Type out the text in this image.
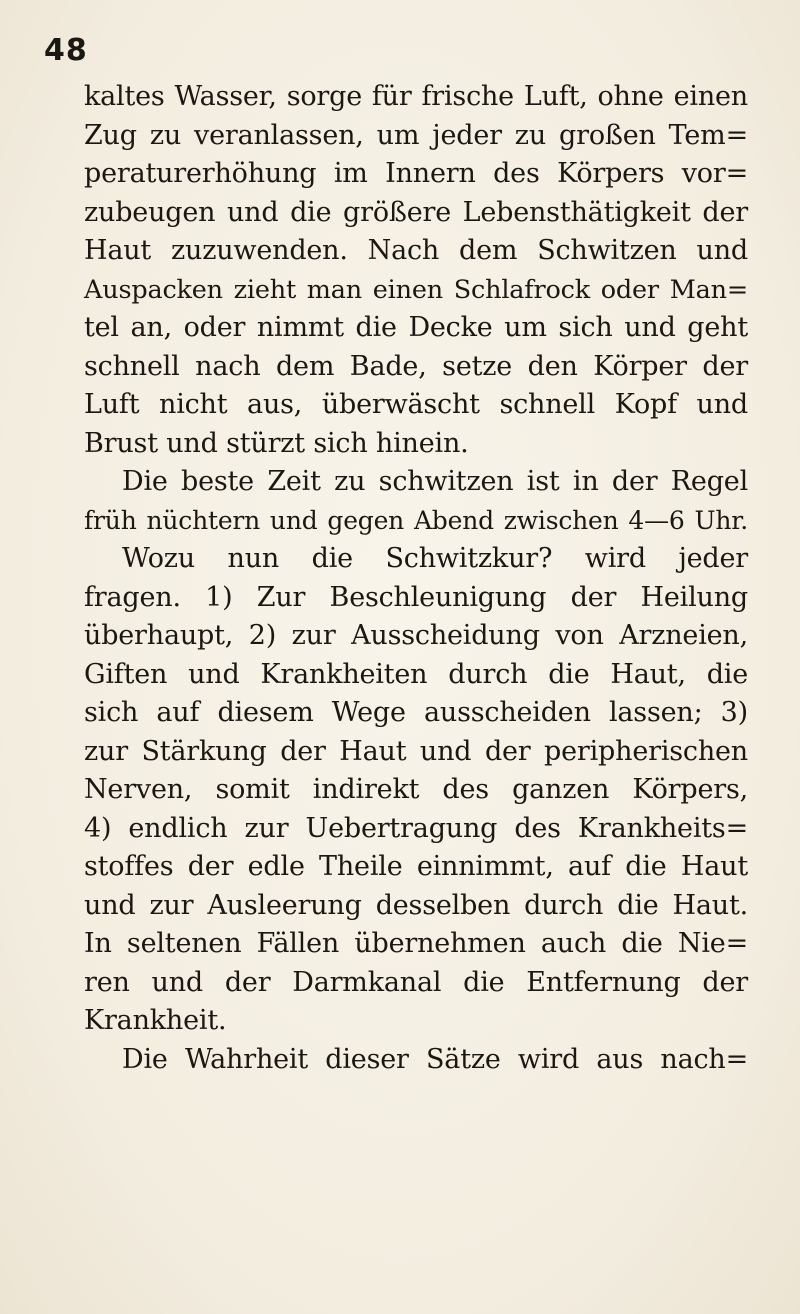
48
kaltes Wasser, sorge für frische Luft, ohne einen
Zug zu veranlassen, um jeder zu großen Tem=
peraturerhöhung im Innern des Körpers vor=
zubeugen und die größere Lebensthätigkeit der
Haut zuzuwenden. Nach dem Schwitzen und
Auspacken zieht man einen Schlafrock oder Man=
tel an, oder nimmt die Decke um sich und geht
schnell nach dem Bade, setze den Körper der
Luft nicht aus, überwäscht schnell Kopf und
Brust und stürzt sich hinein.
Die beste Zeit zu schwitzen ist in der Regel
früh nüchtern und gegen Abend zwischen 4—6 Uhr.
Wozu nun die Schwitzkur? wird jeder
fragen. 1) Zur Beschleunigung der Heilung
überhaupt, 2) zur Ausscheidung von Arzneien,
Giften und Krankheiten durch die Haut, die
sich auf diesem Wege ausscheiden lassen; 3)
zur Stärkung der Haut und der peripherischen
Nerven, somit indirekt des ganzen Körpers,
4) endlich zur Uebertragung des Krankheits=
stoffes der edle Theile einnimmt, auf die Haut
und zur Ausleerung desselben durch die Haut.
In seltenen Fällen übernehmen auch die Nie=
ren und der Darmkanal die Entfernung der
Krankheit.
Die Wahrheit dieser Sätze wird aus nach=
